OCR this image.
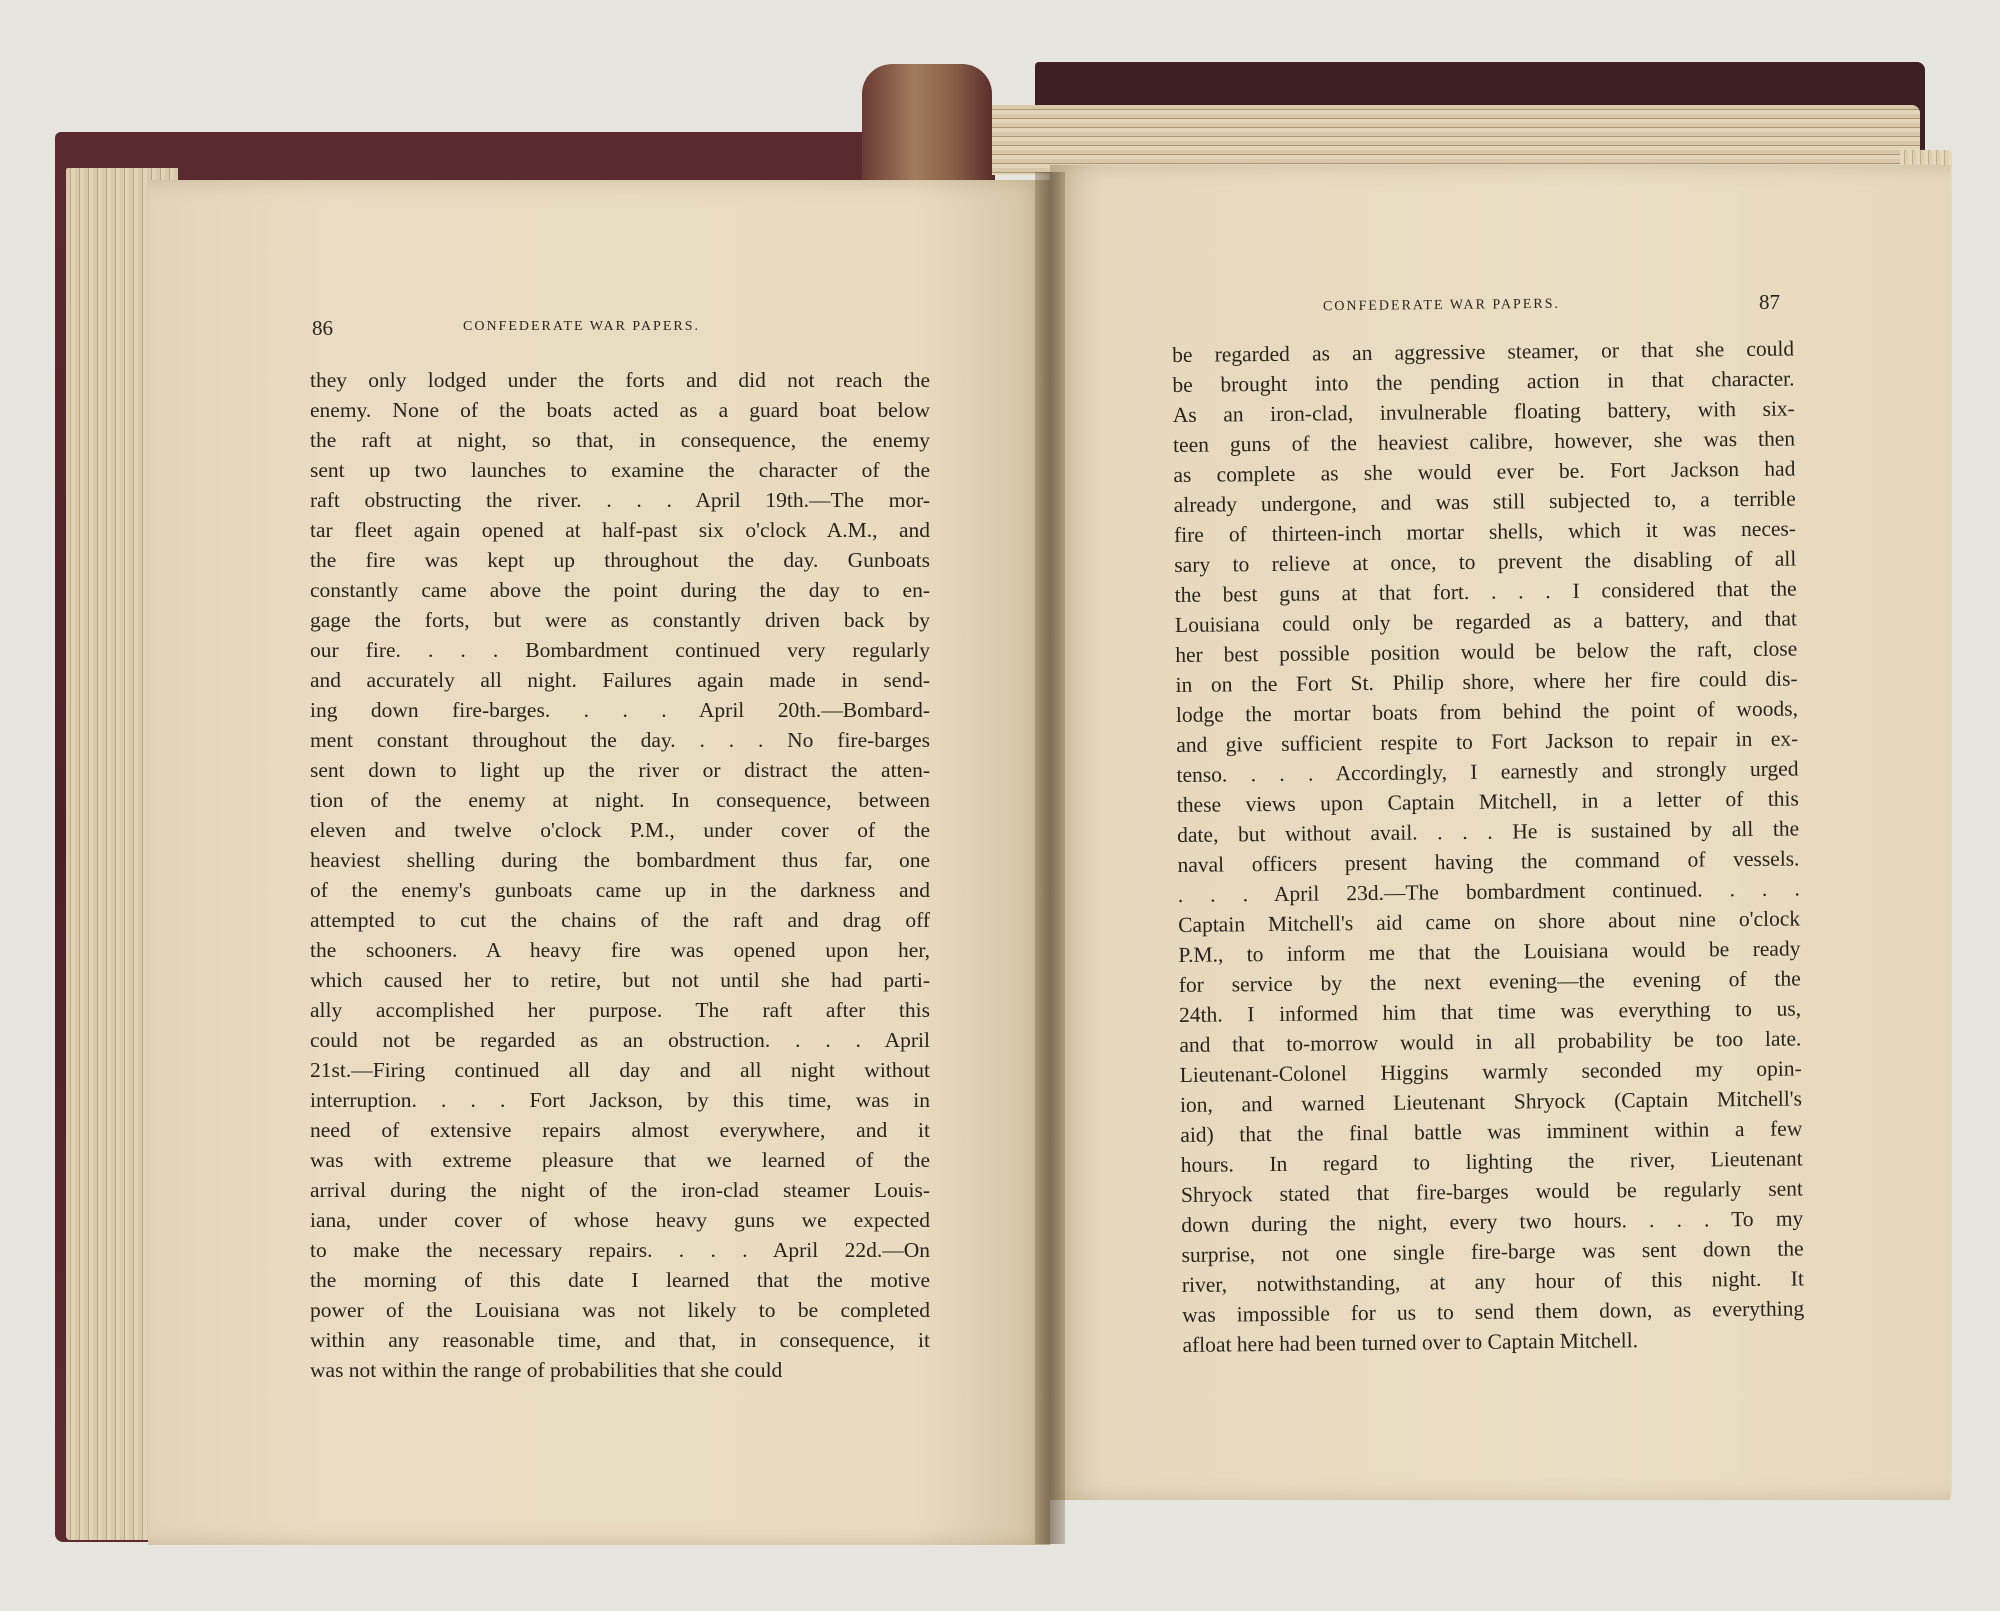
86	CONFEDERATE WAR PAPERS.
CONFEDERATE WAR PAPERS.	87
they only lodged under the forts and did not reach the
enemy. None of the boats acted as a guard boat below
the raft at night, so that, in consequence, the enemy
sent up two launches to examine the character of the
raft obstructing the river. . . . April 19th.—The mor-
tar fleet again opened at half-past six o'clock A.M., and
the fire was kept up throughout the day. Gunboats
constantly came above the point during the day to en-
gage the forts, but were as constantly driven back by
our fire. . . . Bombardment continued very regularly
and accurately all night. Failures again made in send-
ing down fire-barges. . . . April 20th.—Bombard-
ment constant throughout the day. . . . No fire-barges
sent down to light up the river or distract the atten-
tion of the enemy at night. In consequence, between
eleven and twelve o'clock P.M., under cover of the
heaviest shelling during the bombardment thus far, one
of the enemy's gunboats came up in the darkness and
attempted to cut the chains of the raft and drag off
the schooners. A heavy fire was opened upon her,
which caused her to retire, but not until she had parti-
ally accomplished her purpose. The raft after this
could not be regarded as an obstruction. . . . April
21st.—Firing continued all day and all night without
interruption. . . . Fort Jackson, by this time, was in
need of extensive repairs almost everywhere, and it
was with extreme pleasure that we learned of the
arrival during the night of the iron-clad steamer Louis-
iana, under cover of whose heavy guns we expected
to make the necessary repairs. . . . April 22d.—On
the morning of this date I learned that the motive
power of the Louisiana was not likely to be completed
within any reasonable time, and that, in consequence, it
was not within the range of probabilities that she could
be regarded as an aggressive steamer, or that she could
be brought into the pending action in that character.
As an iron-clad, invulnerable floating battery, with six-
teen guns of the heaviest calibre, however, she was then
as complete as she would ever be. Fort Jackson had
already undergone, and was still subjected to, a terrible
fire of thirteen-inch mortar shells, which it was neces-
sary to relieve at once, to prevent the disabling of all
the best guns at that fort. . . . I considered that the
Louisiana could only be regarded as a battery, and that
her best possible position would be below the raft, close
in on the Fort St. Philip shore, where her fire could dis-
lodge the mortar boats from behind the point of woods,
and give sufficient respite to Fort Jackson to repair in ex-
tenso. . . . Accordingly, I earnestly and strongly urged
these views upon Captain Mitchell, in a letter of this
date, but without avail. . . . He is sustained by all the
naval officers present having the command of vessels.
. . . April 23d.—The bombardment continued. . . .
Captain Mitchell's aid came on shore about nine o'clock
P.M., to inform me that the Louisiana would be ready
for service by the next evening—the evening of the
24th. I informed him that time was everything to us,
and that to-morrow would in all probability be too late.
Lieutenant-Colonel Higgins warmly seconded my opin-
ion, and warned Lieutenant Shryock (Captain Mitchell's
aid) that the final battle was imminent within a few
hours. In regard to lighting the river, Lieutenant
Shryock stated that fire-barges would be regularly sent
down during the night, every two hours. . . . To my
surprise, not one single fire-barge was sent down the
river, notwithstanding, at any hour of this night. It
was impossible for us to send them down, as everything
afloat here had been turned over to Captain Mitchell.
